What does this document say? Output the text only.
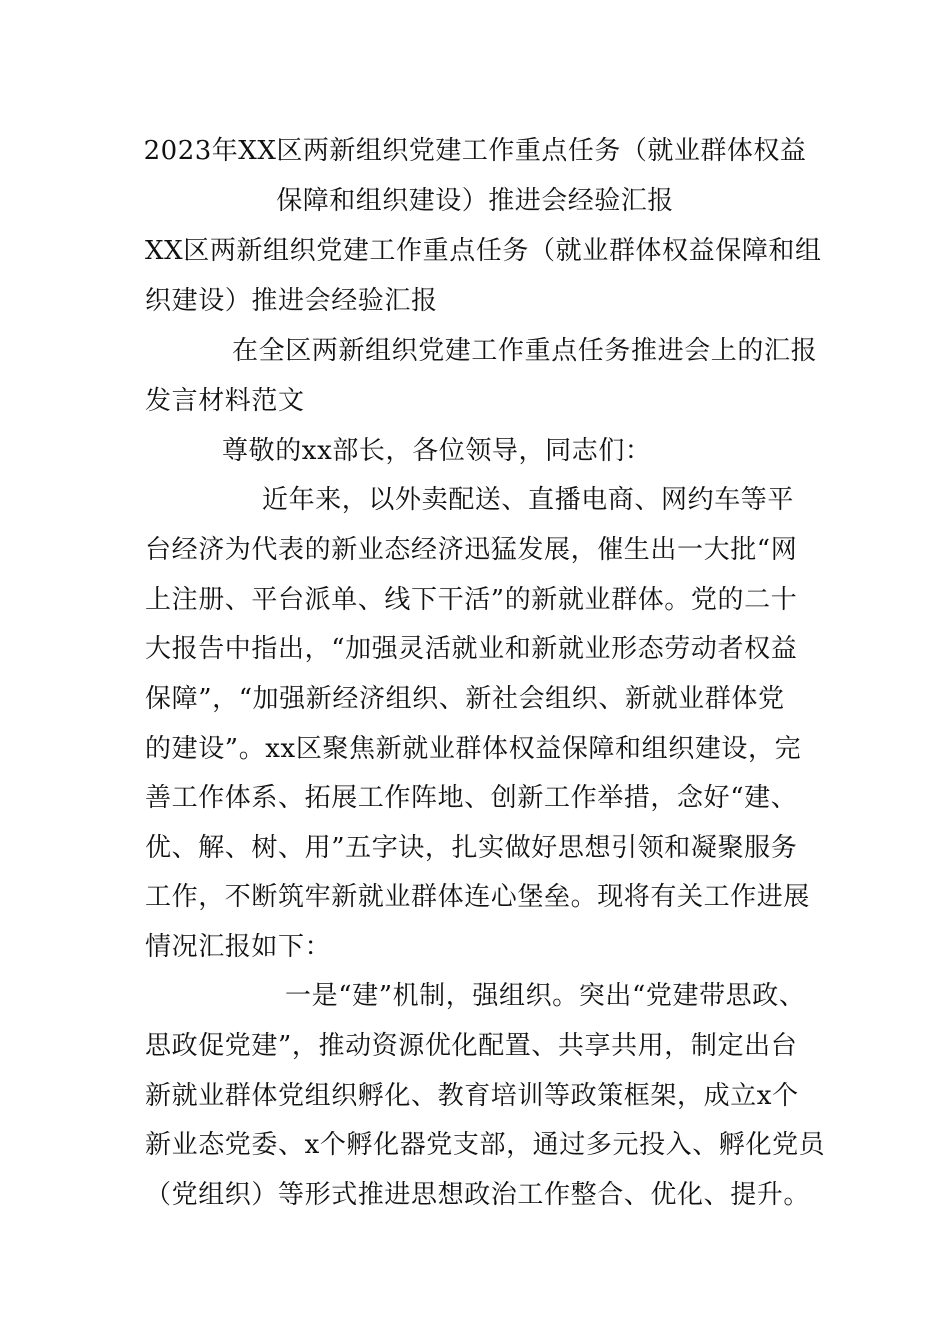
2023年XX区两新组织党建工作重点任务（就业群体权益
保障和组织建设）推进会经验汇报
XX区两新组织党建工作重点任务（就业群体权益保障和组
织建设）推进会经验汇报
在全区两新组织党建工作重点任务推进会上的汇报
发言材料范文
尊敬的xx部长，各位领导，同志们：
近年来，以外卖配送、直播电商、网约车等平
台经济为代表的新业态经济迅猛发展，催生出一大批“网
上注册、平台派单、线下干活”的新就业群体。党的二十
大报告中指出，“加强灵活就业和新就业形态劳动者权益
保障”，“加强新经济组织、新社会组织、新就业群体党
的建设”。xx区聚焦新就业群体权益保障和组织建设，完
善工作体系、拓展工作阵地、创新工作举措，念好“建、
优、解、树、用”五字诀，扎实做好思想引领和凝聚服务
工作，不断筑牢新就业群体连心堡垒。现将有关工作进展
情况汇报如下：
一是“建”机制，强组织。突出“党建带思政、
思政促党建”，推动资源优化配置、共享共用，制定出台
新就业群体党组织孵化、教育培训等政策框架，成立x个
新业态党委、x个孵化器党支部，通过多元投入、孵化党员
（党组织）等形式推进思想政治工作整合、优化、提升。
